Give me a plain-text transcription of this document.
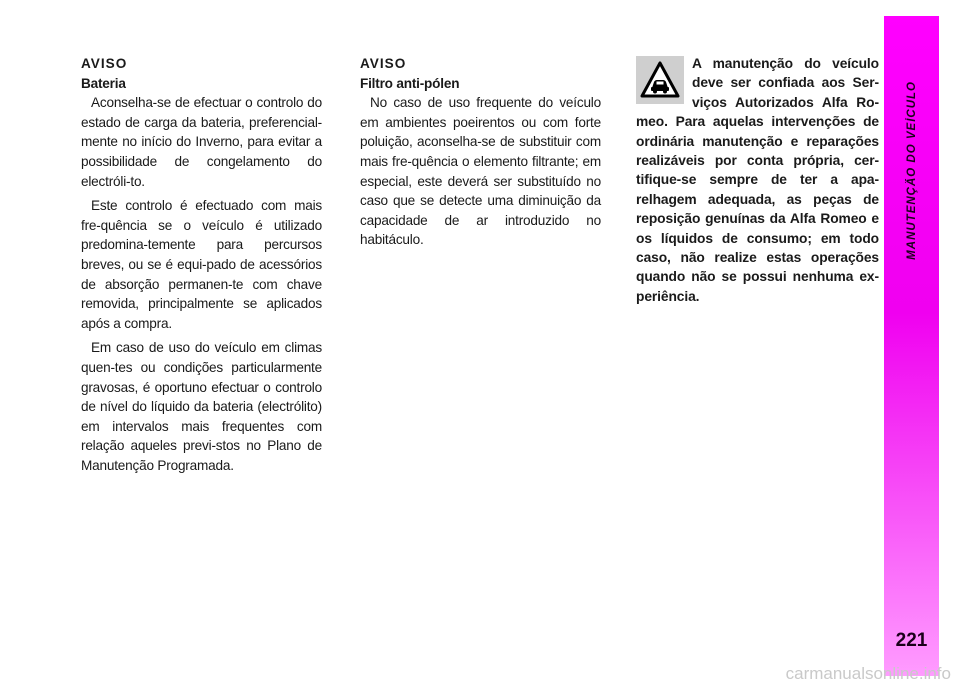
AVISO
Bateria

Aconselha-se de efectuar o controlo do estado de carga da bateria, preferencial-mente no início do Inverno, para evitar a possibilidade de congelamento do electróli-to.

Este controlo é efectuado com mais fre-quência se o veículo é utilizado predomina-temente para percursos breves, ou se é equi-pado de acessórios de absorção permanen-te com chave removida, principalmente se aplicados após a compra.

Em caso de uso do veículo em climas quen-tes ou condições particularmente gravosas, é oportuno efectuar o controlo de nível do líquido da bateria (electrólito) em intervalos mais frequentes com relação aqueles previ-stos no Plano de Manutenção Programada.

AVISO
Filtro anti-pólen

No caso de uso frequente do veículo em ambientes poeirentos ou com forte poluição, aconselha-se de substituir com mais fre-quência o elemento filtrante; em especial, este deverá ser substituído no caso que se detecte uma diminuição da capacidade de ar introduzido no habitáculo.

A manutenção do veículo deve ser confiada aos Ser-viços Autorizados Alfa Ro-meo. Para aquelas intervenções de ordinária manutenção e reparações realizáveis por conta própria, cer-tifique-se sempre de ter a apa-relhagem adequada, as peças de reposição genuínas da Alfa Romeo e os líquidos de consumo; em todo caso, não realize estas operações quando não se possui nenhuma ex-periência.

MANUTENÇÃO DO VEÍCULO
221
carmanualsonline.info
